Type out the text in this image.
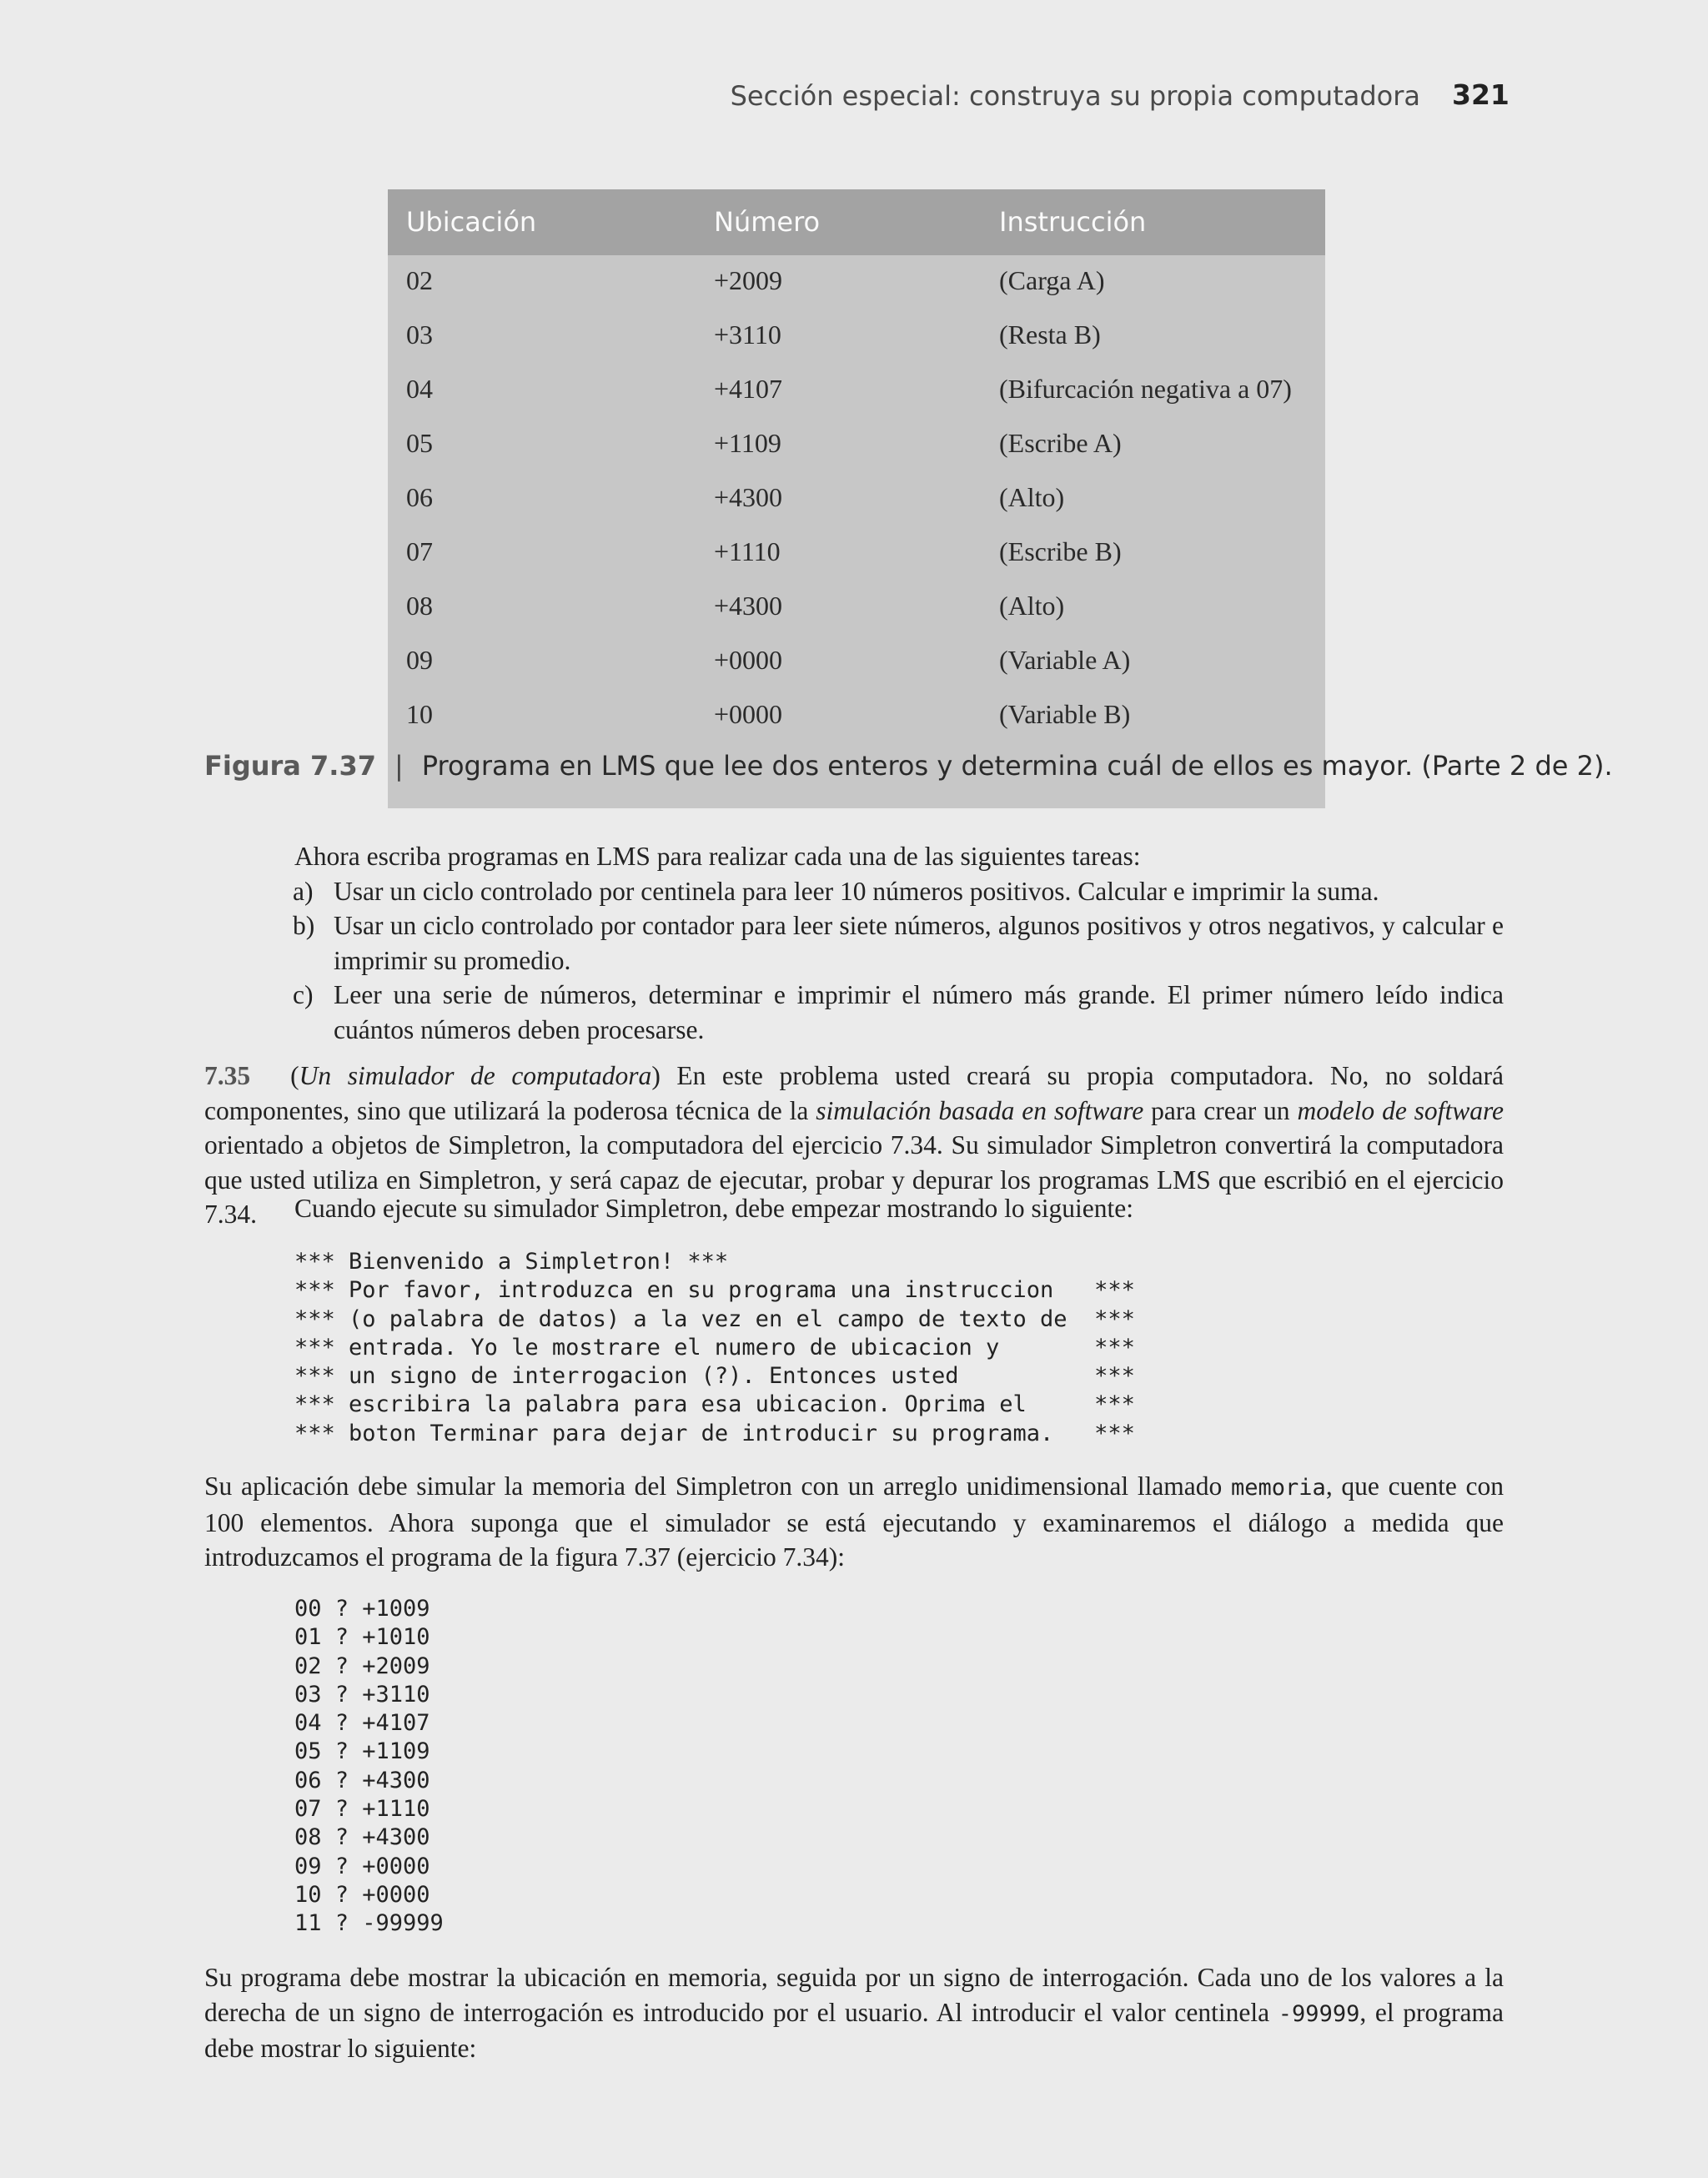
Sección especial: construya su propia computadora 321
Ubicación	Número	Instrucción
02	+2009	(Carga A)
03	+3110	(Resta B)
04	+4107	(Bifurcación negativa a 07)
05	+1109	(Escribe A)
06	+4300	(Alto)
07	+1110	(Escribe B)
08	+4300	(Alto)
09	+0000	(Variable A)
10	+0000	(Variable B)
Figura 7.37 | Programa en LMS que lee dos enteros y determina cuál de ellos es mayor. (Parte 2 de 2).

Ahora escriba programas en LMS para realizar cada una de las siguientes tareas:

a) Usar un ciclo controlado por centinela para leer 10 números positivos. Calcular e imprimir la suma.
b) Usar un ciclo controlado por contador para leer siete números, algunos positivos y otros negativos, y calcular e imprimir su promedio.
c) Leer una serie de números, determinar e imprimir el número más grande. El primer número leído indica cuántos números deben procesarse.
7.35 (Un simulador de computadora) En este problema usted creará su propia computadora. No, no soldará componentes, sino que utilizará la poderosa técnica de la simulación basada en software para crear un modelo de software orientado a objetos de Simpletron, la computadora del ejercicio 7.34. Su simulador Simpletron convertirá la computadora que usted utiliza en Simpletron, y será capaz de ejecutar, probar y depurar los programas LMS que escribió en el ejercicio 7.34.	Cuando ejecute su simulador Simpletron, debe empezar mostrando lo siguiente:

*** Bienvenido a Simpletron! ***
*** Por favor, introduzca en su programa una instruccion   ***
*** (o palabra de datos) a la vez en el campo de texto de  ***
*** entrada. Yo le mostrare el numero de ubicacion y       ***
*** un signo de interrogacion (?). Entonces usted          ***
*** escribira la palabra para esa ubicacion. Oprima el     ***
*** boton Terminar para dejar de introducir su programa.   ***
Su aplicación debe simular la memoria del Simpletron con un arreglo unidimensional llamado memoria, que cuente con 100 elementos. Ahora suponga que el simulador se está ejecutando y examinaremos el diálogo a medida que introduzcamos el programa de la figura 7.37 (ejercicio 7.34):
00 ? +1009
01 ? +1010
02 ? +2009
03 ? +3110
04 ? +4107
05 ? +1109
06 ? +4300
07 ? +1110
08 ? +4300
09 ? +0000
10 ? +0000
11 ? -99999
Su programa debe mostrar la ubicación en memoria, seguida por un signo de interrogación. Cada uno de los valores a la derecha de un signo de interrogación es introducido por el usuario. Al introducir el valor centinela -99999, el programa debe mostrar lo siguiente:
